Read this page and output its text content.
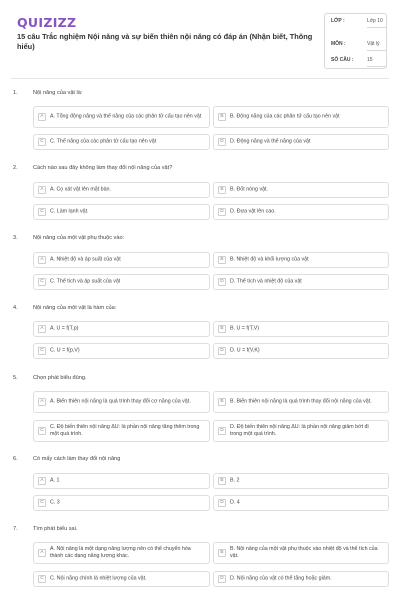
QUIZIZZ
15 câu Trắc nghiệm Nội năng và sự biến thiên nội năng có đáp án (Nhận biết, Thông hiểu)
LỚP :	Lớp 10
MÔN :	Vật lý
SỐ CÂU :	15
1.	Nội năng của vật là:
A	A. Tổng động năng và thế năng của các phân tử cấu tạo nên vật	B	B. Động năng của các phân tử cấu tạo nên vật
C	C. Thế năng của các phân tử cấu tạo nên vật	D	D. Động năng và thế năng của vật
2.	Cách nào sau đây không làm thay đổi nội năng của vật?
A	A. Cọ xát vật lên mặt bàn.	B	B. Đốt nóng vật.
C	C. Làm lạnh vật.	D	D. Đưa vật lên cao.
3.	Nội năng của một vật phụ thuộc vào:
A	A. Nhiệt độ và áp suất của vật	B	B. Nhiệt độ và khối lượng của vật
C	C. Thể tích và áp suất của vật	D	D. Thể tích và nhiệt độ của vật
4.	Nội năng của một vật là hàm của:
A	A. U = f(T,p)	B	B. U = f(T,V)
C	C. U = f(p,V)	D	D. U = f(V,K)
5.	Chọn phát biểu đúng.
A	A. Biến thiên nội năng là quá trình thay đổi cơ năng của vật.	B	B. Biến thiên nội năng là quá trình thay đổi nội năng của vật.
C
C. Độ biến thiên nội năng ΔU: là phần nội năng tăng thêm trong một quá trình.
D
D. Độ biến thiên nội năng ΔU: là phần nội năng giảm bớt đi trong một quá trình.
6.	Có mấy cách làm thay đổi nội năng
A	A. 1	B	B. 2
C	C. 3	D	D. 4
7.	Tìm phát biểu sai.
A
A. Nội năng là một dạng năng lượng nên có thể chuyển hóa thành các dạng năng lượng khác.
B
B. Nội năng của một vật phụ thuộc vào nhiệt độ và thể tích của vật.
C	C. Nội năng chính là nhiệt lượng của vật.	D	D. Nội năng của vật có thể tăng hoặc giảm.
